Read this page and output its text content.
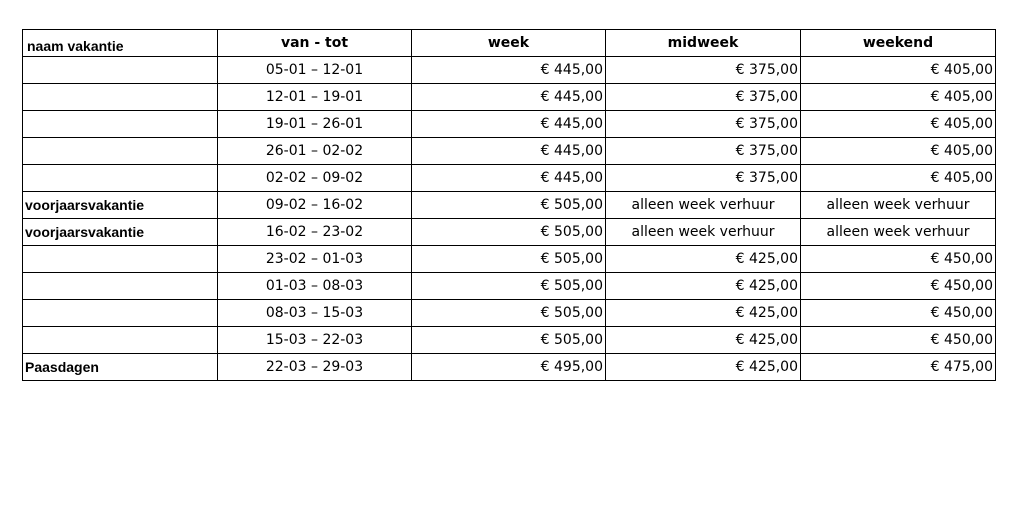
naam vakantie	van - tot	week	midweek	weekend
	05-01 – 12-01	€ 445,00	€ 375,00	€ 405,00
	12-01 – 19-01	€ 445,00	€ 375,00	€ 405,00
	19-01 – 26-01	€ 445,00	€ 375,00	€ 405,00
	26-01 – 02-02	€ 445,00	€ 375,00	€ 405,00
	02-02 – 09-02	€ 445,00	€ 375,00	€ 405,00
voorjaarsvakantie	09-02 – 16-02	€ 505,00	alleen week verhuur	alleen week verhuur
voorjaarsvakantie	16-02 – 23-02	€ 505,00	alleen week verhuur	alleen week verhuur
	23-02 – 01-03	€ 505,00	€ 425,00	€ 450,00
	01-03 – 08-03	€ 505,00	€ 425,00	€ 450,00
	08-03 – 15-03	€ 505,00	€ 425,00	€ 450,00
	15-03 – 22-03	€ 505,00	€ 425,00	€ 450,00
Paasdagen	22-03 – 29-03	€ 495,00	€ 425,00	€ 475,00
